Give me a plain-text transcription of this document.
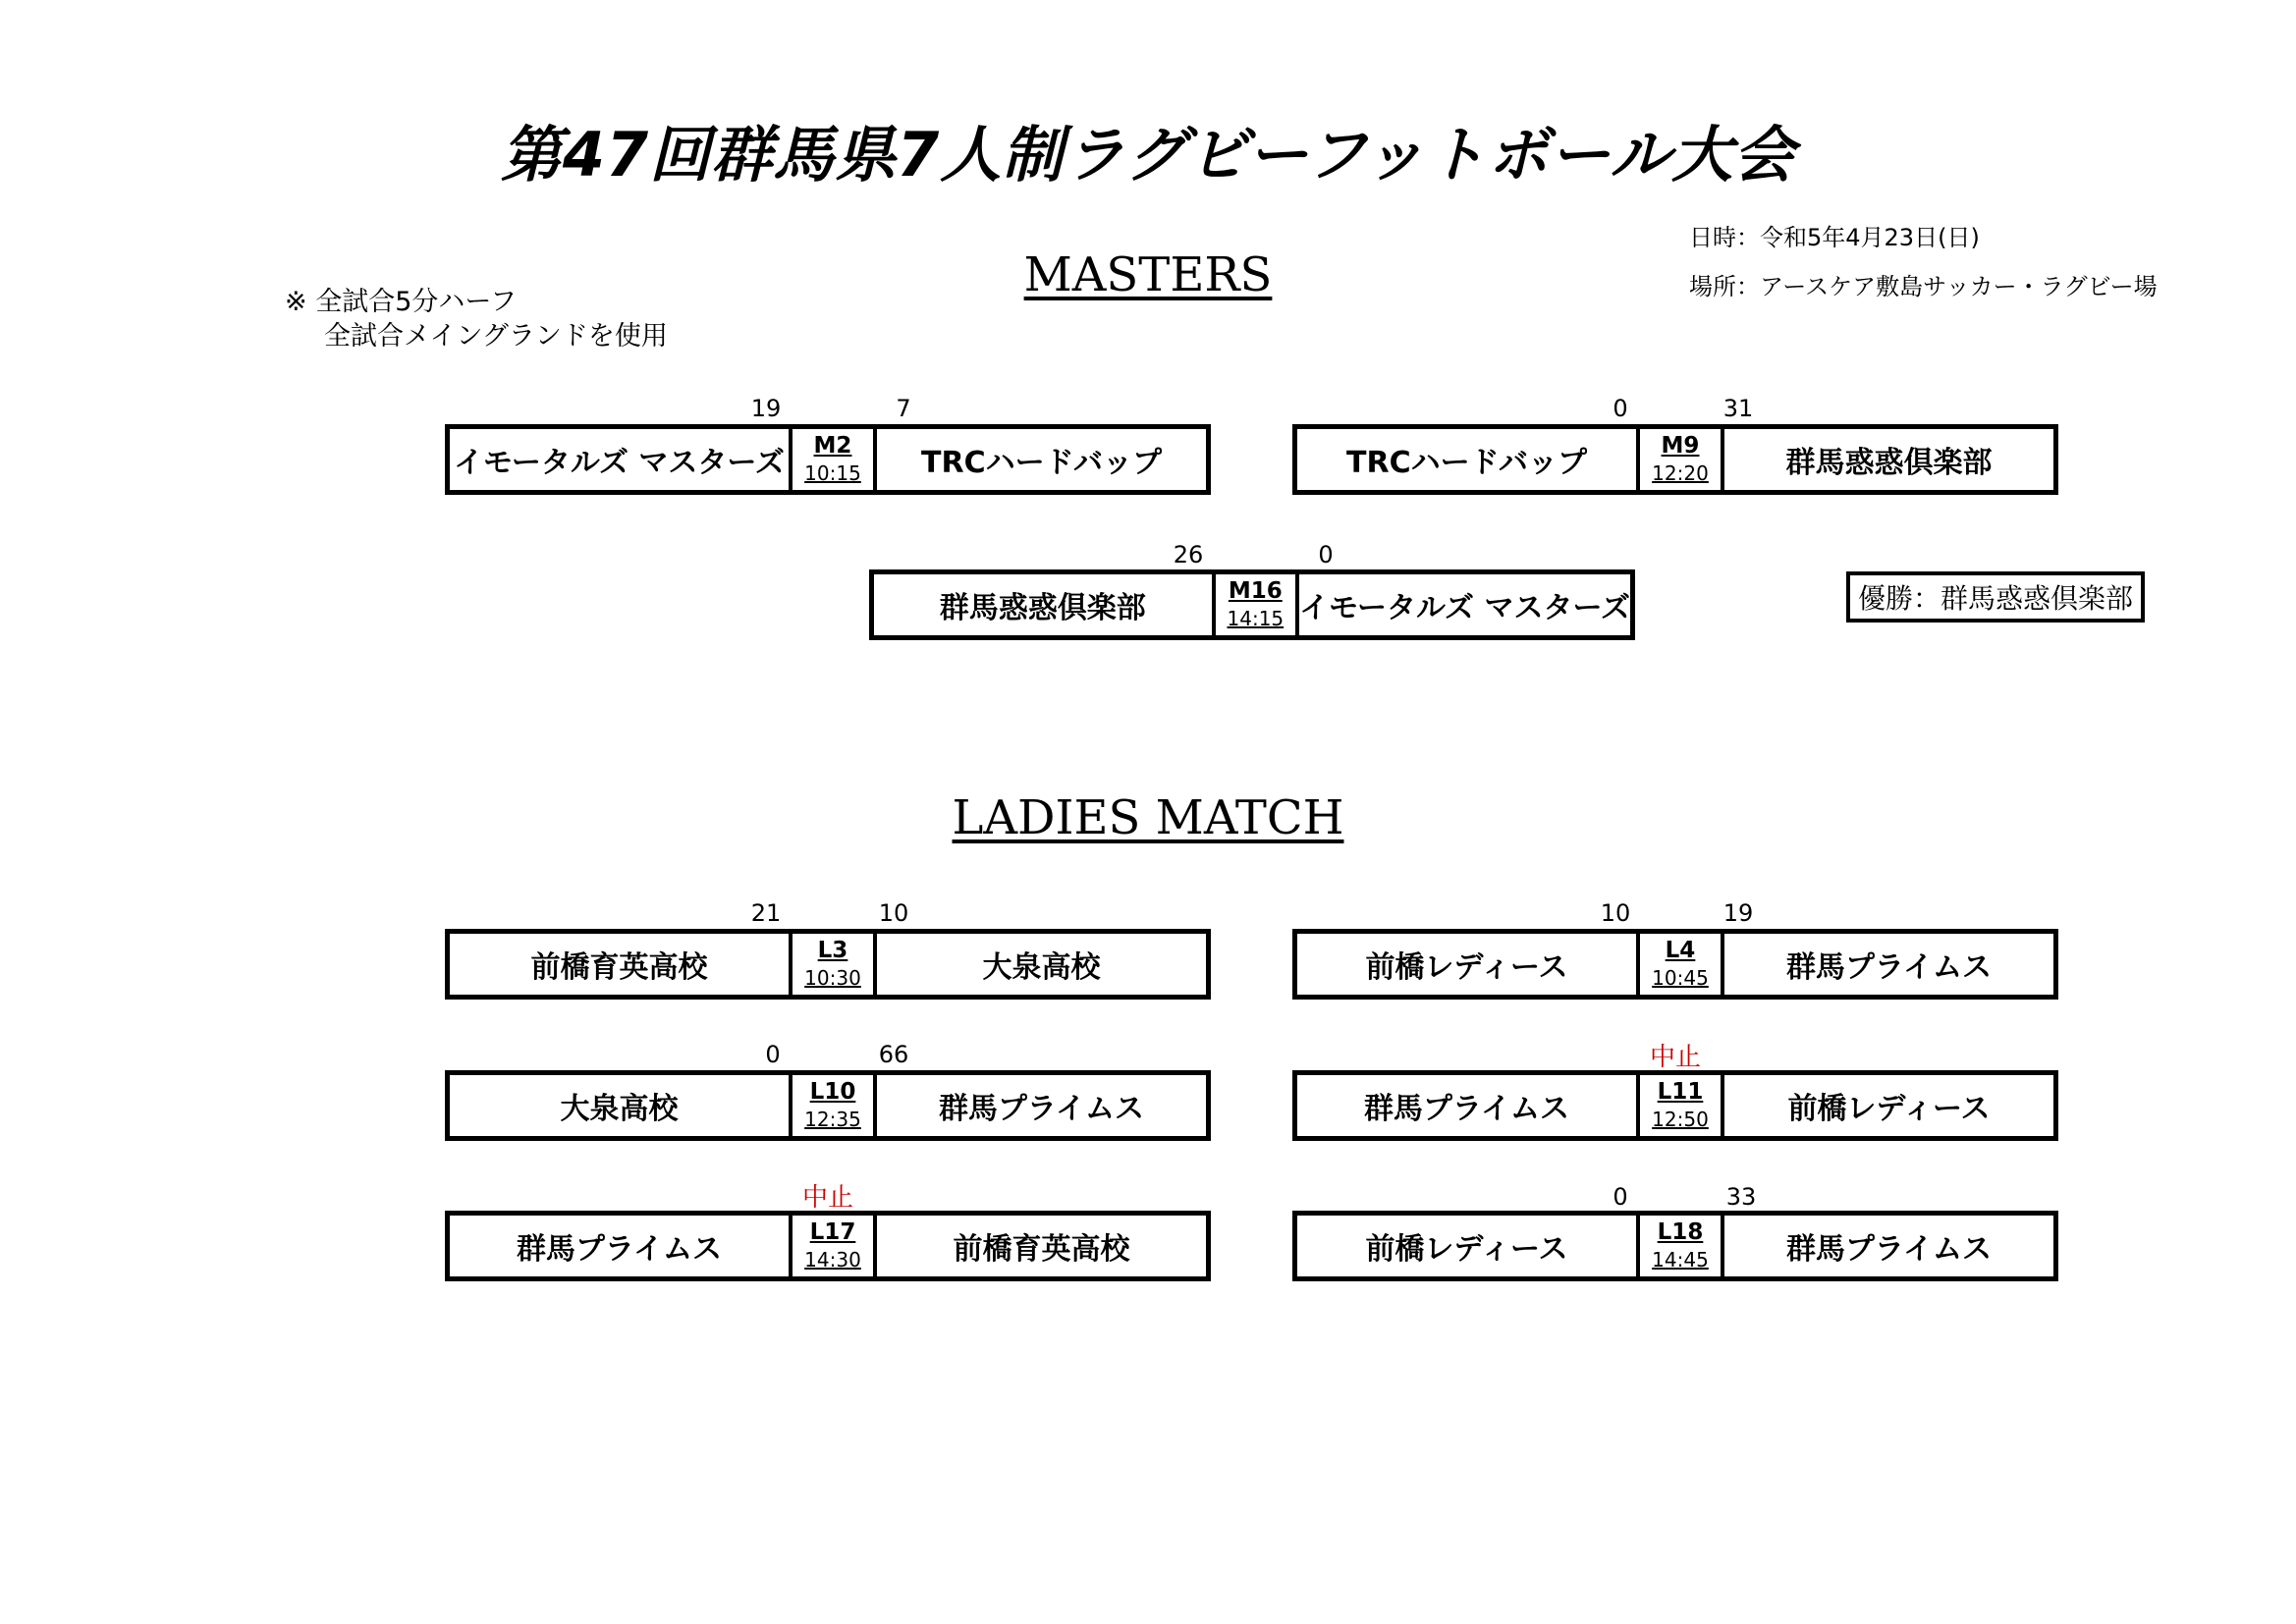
第47回群馬県7人制ラグビーフットボール大会
日時：令和5年4月23日(日)
場所：アースケア敷島サッカー・ラグビー場
※ 全試合5分ハーフ
全試合メイングランドを使用
MASTERS
優勝：群馬惑惑倶楽部
LADIES MATCH
19	7
イモータルズ マスターズ M2
10:15	TRCハードバップ
0	31
TRCハードバップ	M9
12:20	群馬惑惑倶楽部
26	0
群馬惑惑倶楽部	M16
14:15 イモータルズ マスターズ
21	10
前橋育英高校	L3
10:30	大泉高校
10	19
前橋レディース	L4
10:45	群馬プライムス
0	66
大泉高校	L10
12:35	群馬プライムス
中止
群馬プライムス	L11
12:50	前橋レディース
中止
群馬プライムス	L17
14:30	前橋育英高校
0	33
前橋レディース	L18
14:45	群馬プライムス
